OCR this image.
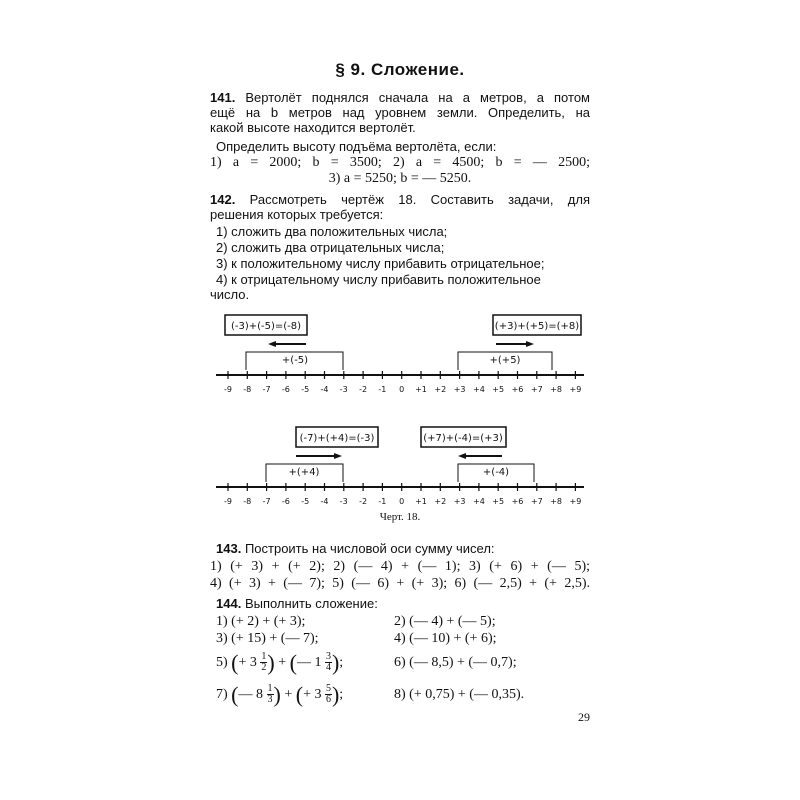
§ 9. Сложение.
141. Вертолёт поднялся сначала на a метров, а потом
ещё на b метров над уровнем земли. Определить, на
какой высоте находится вертолёт.
Определить высоту подъёма вертолёта, если:
1) a = 2000; b = 3500; 2) a = 4500; b = — 2500;
3) a = 5250; b = — 5250.
142. Рассмотреть чертёж 18. Составить задачи, для
решения которых требуется:
1) сложить два положительных числа;
2) сложить два отрицательных числа;
3) к положительному числу прибавить отрицательное;
4) к отрицательному числу прибавить положительное
число.
-9 -8 -7 -6 -5 -4 -3 -2 -1 0 +1 +2 +3 +4 +5 +6 +7 +8 +9
(-3)+(-5)=(-8)	(+3)+(+5)=(+8)
+(-5)	+(+5)
-9 -8 -7 -6 -5 -4 -3 -2 -1 0 +1 +2 +3 +4 +5 +6 +7 +8 +9
(-7)+(+4)=(-3)	(+7)+(-4)=(+3)
+(+4)	+(-4)
Черт. 18.
143. Построить на числовой оси сумму чисел:
1) (+ 3) + (+ 2); 2) (— 4) + (— 1); 3) (+ 6) + (— 5);
4) (+ 3) + (— 7); 5) (— 6) + (+ 3); 6) (— 2,5) + (+ 2,5).
144. Выполнить сложение:
1) (+ 2) + (+ 3);	2) (— 4) + (— 5);
3) (+ 15) + (— 7);	4) (— 10) + (+ 6);
5) (+ $3 \frac{1}{2}$ ) + (— $1 \frac{3}{4}$ );	6) (— 8,5) + (— 0,7);
7) (— $8 \frac{1}{3}$ ) + (+ $3 \frac{5}{6}$ );	8) (+ 0,75) + (— 0,35).
29
